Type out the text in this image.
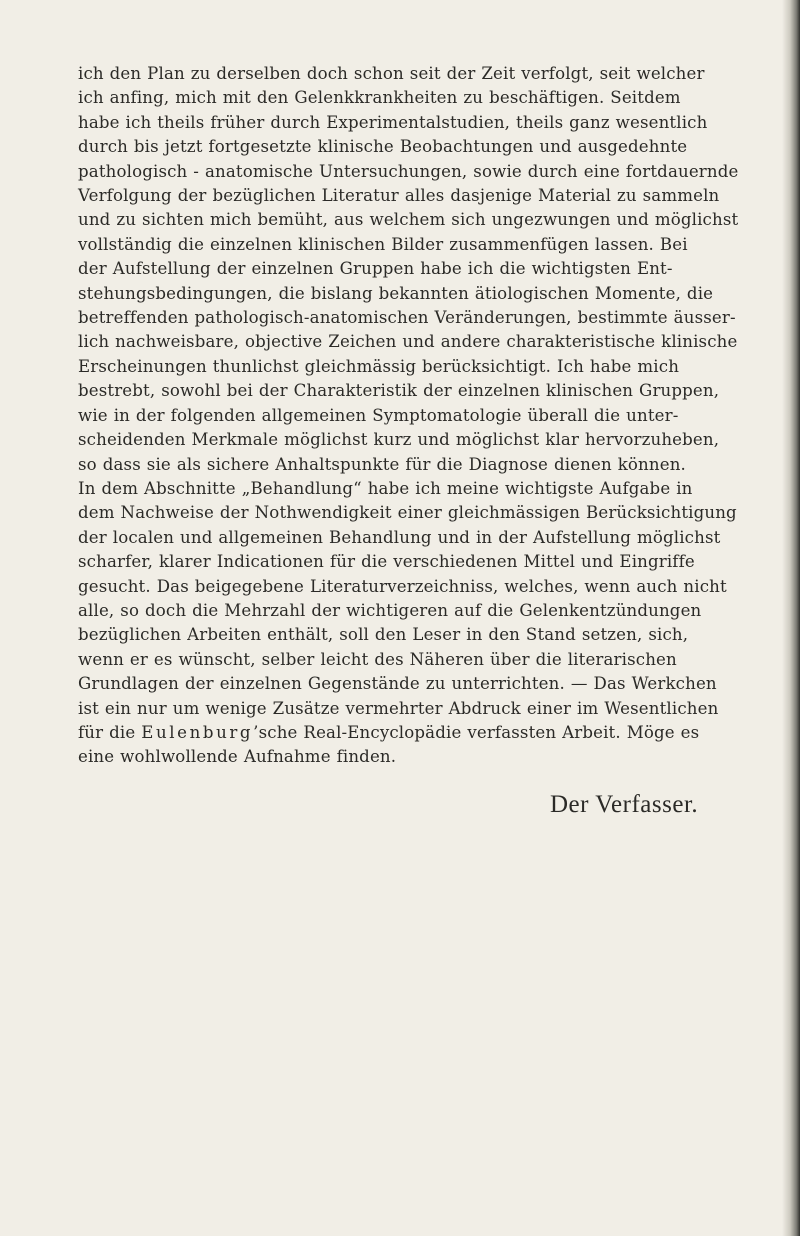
ich den Plan zu derselben doch schon seit der Zeit verfolgt, seit welcher
ich anfing, mich mit den Gelenkkrankheiten zu beschäftigen. Seitdem
habe ich theils früher durch Experimentalstudien, theils ganz wesentlich
durch bis jetzt fortgesetzte klinische Beobachtungen und ausgedehnte
pathologisch - anatomische Untersuchungen, sowie durch eine fortdauernde
Verfolgung der bezüglichen Literatur alles dasjenige Material zu sammeln
und zu sichten mich bemüht, aus welchem sich ungezwungen und möglichst
vollständig die einzelnen klinischen Bilder zusammenfügen lassen. Bei
der Aufstellung der einzelnen Gruppen habe ich die wichtigsten Ent-
stehungsbedingungen, die bislang bekannten ätiologischen Momente, die
betreffenden pathologisch-anatomischen Veränderungen, bestimmte äusser-
lich nachweisbare, objective Zeichen und andere charakteristische klinische
Erscheinungen thunlichst gleichmässig berücksichtigt. Ich habe mich
bestrebt, sowohl bei der Charakteristik der einzelnen klinischen Gruppen,
wie in der folgenden allgemeinen Symptomatologie überall die unter-
scheidenden Merkmale möglichst kurz und möglichst klar hervorzuheben,
so dass sie als sichere Anhaltspunkte für die Diagnose dienen können.
In dem Abschnitte „Behandlung“ habe ich meine wichtigste Aufgabe in
dem Nachweise der Nothwendigkeit einer gleichmässigen Berücksichtigung
der localen und allgemeinen Behandlung und in der Aufstellung möglichst
scharfer, klarer Indicationen für die verschiedenen Mittel und Eingriffe
gesucht. Das beigegebene Literaturverzeichniss, welches, wenn auch nicht
alle, so doch die Mehrzahl der wichtigeren auf die Gelenkentzündungen
bezüglichen Arbeiten enthält, soll den Leser in den Stand setzen, sich,
wenn er es wünscht, selber leicht des Näheren über die literarischen
Grundlagen der einzelnen Gegenstände zu unterrichten. — Das Werkchen
ist ein nur um wenige Zusätze vermehrter Abdruck einer im Wesentlichen
für die Eulenburg’sche Real-Encyclopädie verfassten Arbeit. Möge es
eine wohlwollende Aufnahme finden.
Der Verfasser.
